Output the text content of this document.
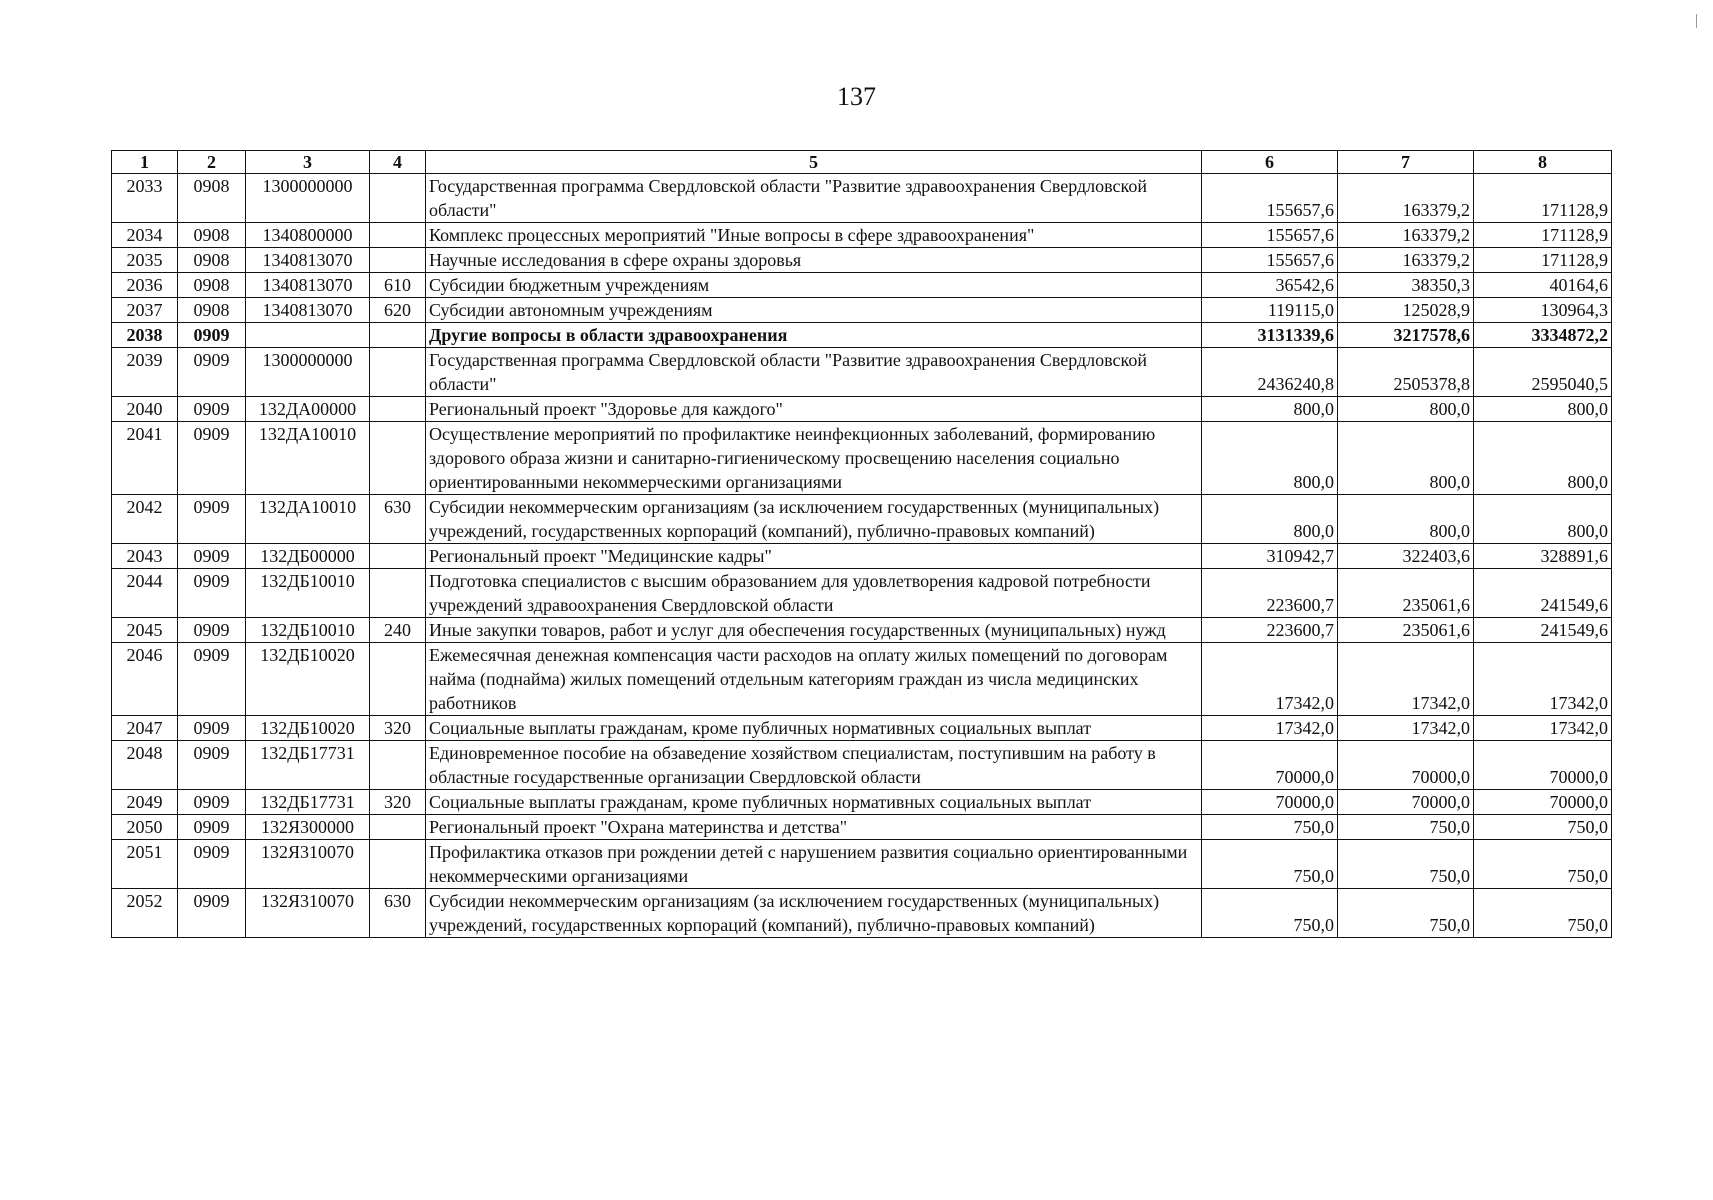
137
1	2	3	4	5	6	7	8
2033	0908	1300000000		Государственная программа Свердловской области "Развитие здравоохранения Свердловской области"	155657,6	163379,2	171128,9
2034	0908	1340800000		Комплекс процессных мероприятий "Иные вопросы в сфере здравоохранения"	155657,6	163379,2	171128,9
2035	0908	1340813070		Научные исследования в сфере охраны здоровья	155657,6	163379,2	171128,9
2036	0908	1340813070	610	Субсидии бюджетным учреждениям	36542,6	38350,3	40164,6
2037	0908	1340813070	620	Субсидии автономным учреждениям	119115,0	125028,9	130964,3
2038	0909			Другие вопросы в области здравоохранения	3131339,6	3217578,6	3334872,2
2039	0909	1300000000		Государственная программа Свердловской области "Развитие здравоохранения Свердловской области"	2436240,8	2505378,8	2595040,5
2040	0909	132ДА00000		Региональный проект "Здоровье для каждого"	800,0	800,0	800,0
2041	0909	132ДА10010		Осуществление мероприятий по профилактике неинфекционных заболеваний, формированию здорового образа жизни и санитарно-гигиеническому просвещению населения социально ориентированными некоммерческими организациями	800,0	800,0	800,0
2042	0909	132ДА10010	630	Субсидии некоммерческим организациям (за исключением государственных (муниципальных) учреждений, государственных корпораций (компаний), публично-правовых компаний)	800,0	800,0	800,0
2043	0909	132ДБ00000		Региональный проект "Медицинские кадры"	310942,7	322403,6	328891,6
2044	0909	132ДБ10010		Подготовка специалистов с высшим образованием для удовлетворения кадровой потребности учреждений здравоохранения Свердловской области	223600,7	235061,6	241549,6
2045	0909	132ДБ10010	240	Иные закупки товаров, работ и услуг для обеспечения государственных (муниципальных) нужд	223600,7	235061,6	241549,6
2046	0909	132ДБ10020		Ежемесячная денежная компенсация части расходов на оплату жилых помещений по договорам найма (поднайма) жилых помещений отдельным категориям граждан из числа медицинских работников	17342,0	17342,0	17342,0
2047	0909	132ДБ10020	320	Социальные выплаты гражданам, кроме публичных нормативных социальных выплат	17342,0	17342,0	17342,0
2048	0909	132ДБ17731		Единовременное пособие на обзаведение хозяйством специалистам, поступившим на работу в областные государственные организации Свердловской области	70000,0	70000,0	70000,0
2049	0909	132ДБ17731	320	Социальные выплаты гражданам, кроме публичных нормативных социальных выплат	70000,0	70000,0	70000,0
2050	0909	132Я300000		Региональный проект "Охрана материнства и детства"	750,0	750,0	750,0
2051	0909	132Я310070		Профилактика отказов при рождении детей с нарушением развития социально ориентированными некоммерческими организациями	750,0	750,0	750,0
2052	0909	132Я310070	630	Субсидии некоммерческим организациям (за исключением государственных (муниципальных) учреждений, государственных корпораций (компаний), публично-правовых компаний)	750,0	750,0	750,0
